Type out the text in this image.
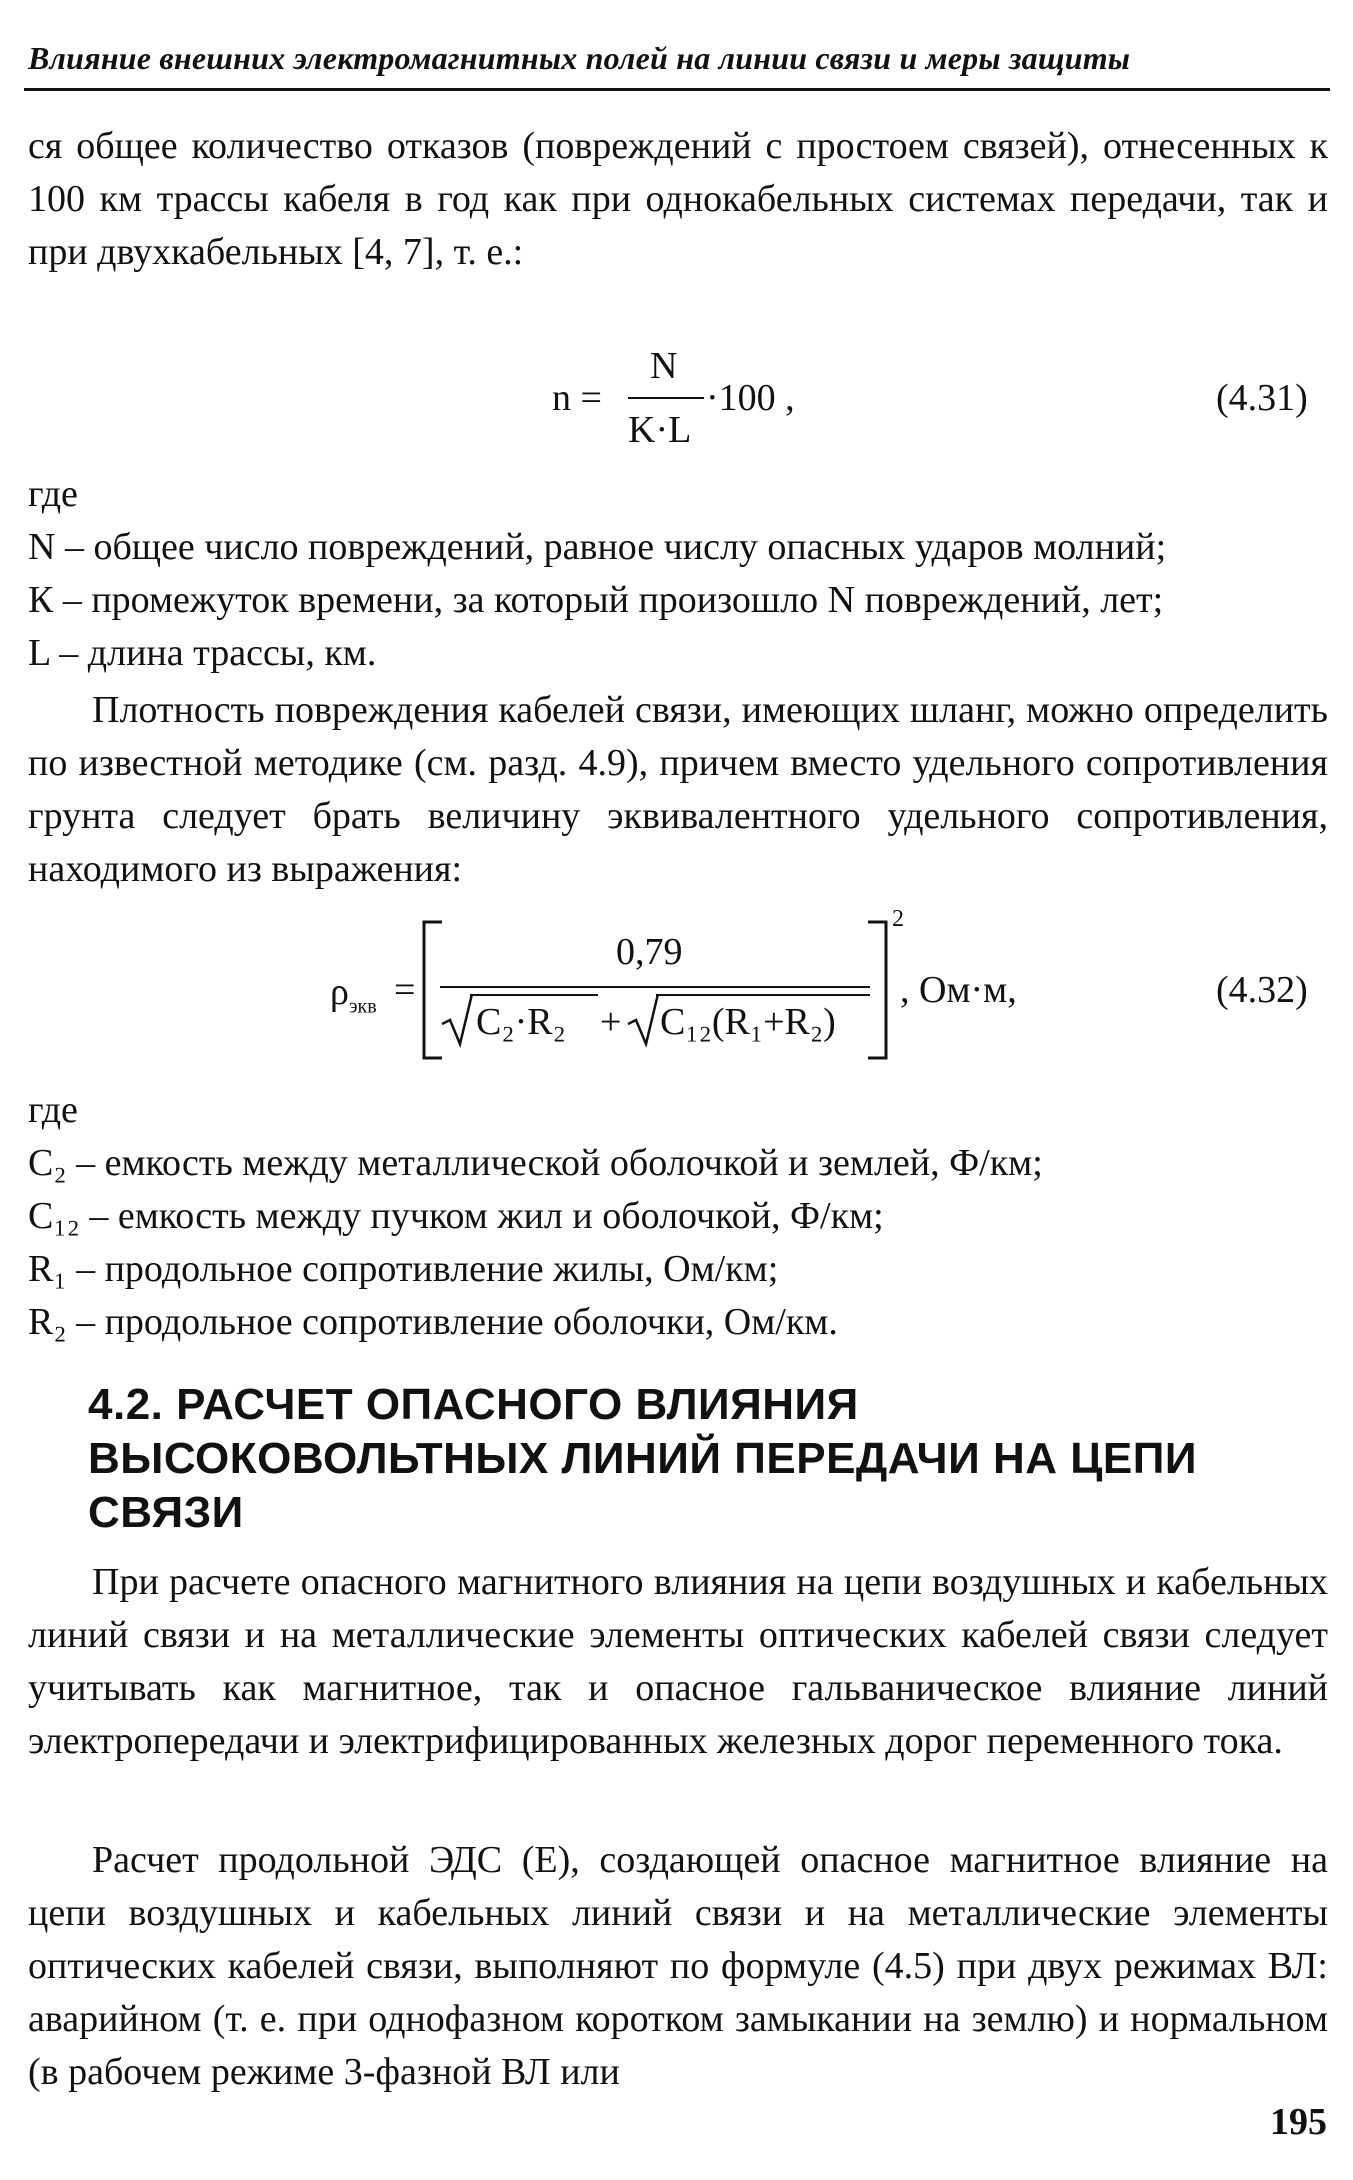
Влияние внешних электромагнитных полей на линии связи и меры защиты

ся общее количество отказов (повреждений с простоем связей), отнесенных к 100 км трассы кабеля в год как при однокабельных системах передачи, так и при двухкабельных [4, 7], т. е.:

n =
N
K·L
·100 ,	(4.31)
где
N – общее число повреждений, равное числу опасных ударов молний;
К – промежуток времени, за который произошло N повреждений, лет;
L – длина трассы, км.

Плотность повреждения кабелей связи, имеющих шланг, можно определить по известной методике (см. разд. 4.9), причем вместо удельного сопротивления грунта следует брать величину эквивалентного удельного сопротивления, находимого из выражения:

$\rho_{экв}$ =
0,79
C₂·R₂ + C₁₂(R₁+R₂)
2
, Ом·м,	(4.32)
где
C₂ – емкость между металлической оболочкой и землей, Ф/км;
C₁₂ – емкость между пучком жил и оболочкой, Ф/км;
R₁ – продольное сопротивление жилы, Ом/км;
R₂ – продольное сопротивление оболочки, Ом/км.
4.2. РАСЧЕТ ОПАСНОГО ВЛИЯНИЯ ВЫСОКОВОЛЬТНЫХ ЛИНИЙ ПЕРЕДАЧИ НА ЦЕПИ СВЯЗИ

При расчете опасного магнитного влияния на цепи воздушных и кабельных линий связи и на металлические элементы оптических кабелей связи следует учитывать как магнитное, так и опасное гальваническое влияние линий электропередачи и электрифицированных железных дорог переменного тока.

Расчет продольной ЭДС (Е), создающей опасное магнитное влияние на цепи воздушных и кабельных линий связи и на металлические элементы оптических кабелей связи, выполняют по формуле (4.5) при двух режимах ВЛ: аварийном (т. е. при однофазном коротком замыкании на землю) и нормальном (в рабочем режиме 3-фазной ВЛ или

195
